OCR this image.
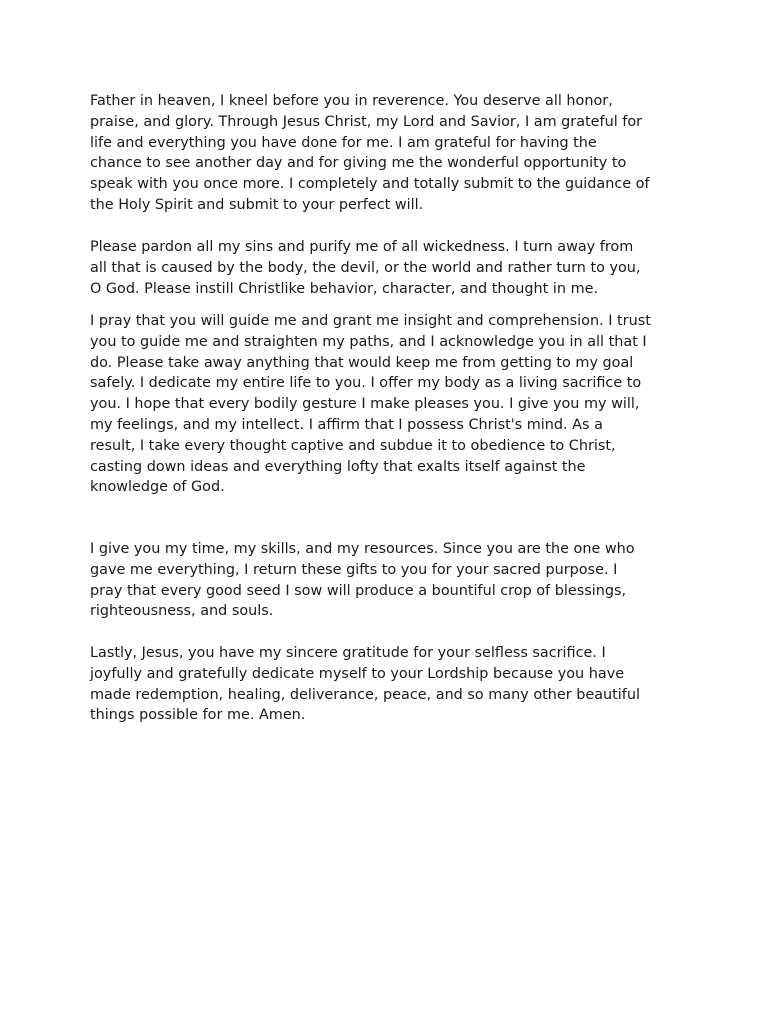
Father in heaven, I kneel before you in reverence. You deserve all honor,
praise, and glory. Through Jesus Christ, my Lord and Savior, I am grateful for
life and everything you have done for me. I am grateful for having the
chance to see another day and for giving me the wonderful opportunity to
speak with you once more. I completely and totally submit to the guidance of
the Holy Spirit and submit to your perfect will.

Please pardon all my sins and purify me of all wickedness. I turn away from
all that is caused by the body, the devil, or the world and rather turn to you,
O God. Please instill Christlike behavior, character, and thought in me.

I pray that you will guide me and grant me insight and comprehension. I trust
you to guide me and straighten my paths, and I acknowledge you in all that I
do. Please take away anything that would keep me from getting to my goal
safely. I dedicate my entire life to you. I offer my body as a living sacrifice to
you. I hope that every bodily gesture I make pleases you. I give you my will,
my feelings, and my intellect. I affirm that I possess Christ's mind. As a
result, I take every thought captive and subdue it to obedience to Christ,
casting down ideas and everything lofty that exalts itself against the
knowledge of God.

I give you my time, my skills, and my resources. Since you are the one who
gave me everything, I return these gifts to you for your sacred purpose. I
pray that every good seed I sow will produce a bountiful crop of blessings,
righteousness, and souls.

Lastly, Jesus, you have my sincere gratitude for your selfless sacrifice. I
joyfully and gratefully dedicate myself to your Lordship because you have
made redemption, healing, deliverance, peace, and so many other beautiful
things possible for me. Amen.
